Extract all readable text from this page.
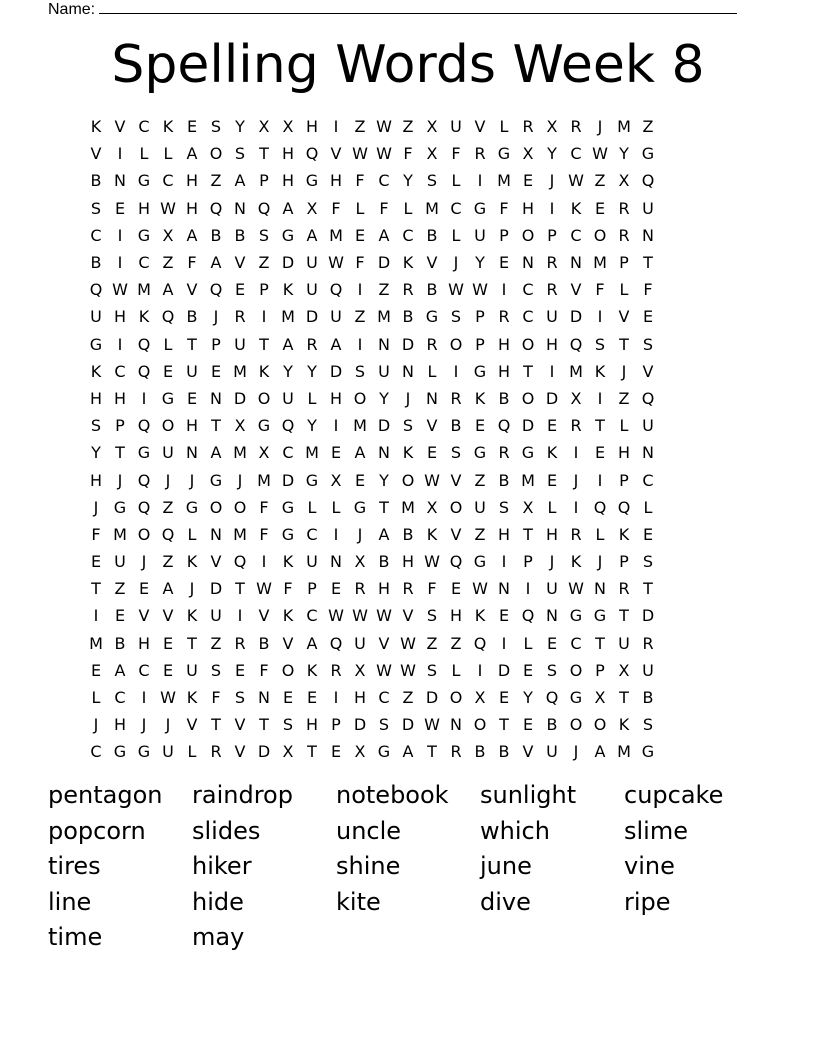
Name:
Spelling Words Week 8
K V C K E S Y X X H I	Z W Z X U V L R X R	J M Z
V	I	L L A O S T H Q V W W F X F R G X Y C W Y G
B N G C H Z A P H G H F C Y S L	I M E	J W Z X Q
S E H W H Q N Q A X F L F L M C G F H I	K E R U
C	I G X A B B S G A M E A C B L U P O P C O R N
B	I	C Z F A V Z D U W F D K V	J	Y E N R N M P T
Q W M A V Q E P K U Q I	Z R B W W I	C R V F L F
U H K Q B	J	R	I M D U Z M B G S P R C U D I	V E
G I Q L T P U T A R A	I N D R O P H O H Q S T S
K C Q E U E M K Y Y D S U N L	I G H T	I M K	J	V
H H I G E N D O U L H O Y	J N R K B O D X	I	Z Q
S P Q O H T X G Q Y	I M D S V B E Q D E R T L U
Y T G U N A M X C M E A N K E S G R G K	I	E H N
H J Q J	J G J M D G X E Y O W V Z B M E	J	I	P C
J G Q Z G O O F G L L G T M X O U S X L	I Q Q L
F M O Q L N M F G C	I	J	A B K V Z H T H R L K E
E U J	Z K V Q I	K U N X B H W Q G I	P	J	K	J	P S
T Z E A	J D T W F P E R H R F E W N I U W N R T
I	E V V K U I	V K C W W W V S H K E Q N G G T D
M B H E T Z R B V A Q U V W Z Z Q I	L E C T U R
E A C E U S E F O K R X W W S L	I D E S O P X U
L C	I W K F S N E E	I H C Z D O X E Y Q G X T B
J H J	J	V T V T S H P D S D W N O T E B O O K S
C G G U L R V D X T E X G A T R B B V U J	A M G
pentagon	raindrop	notebook	sunlight	cupcake
popcorn	slides	uncle	which	slime
tires	hiker	shine	june	vine
line	hide	kite	dive	ripe
time	may
